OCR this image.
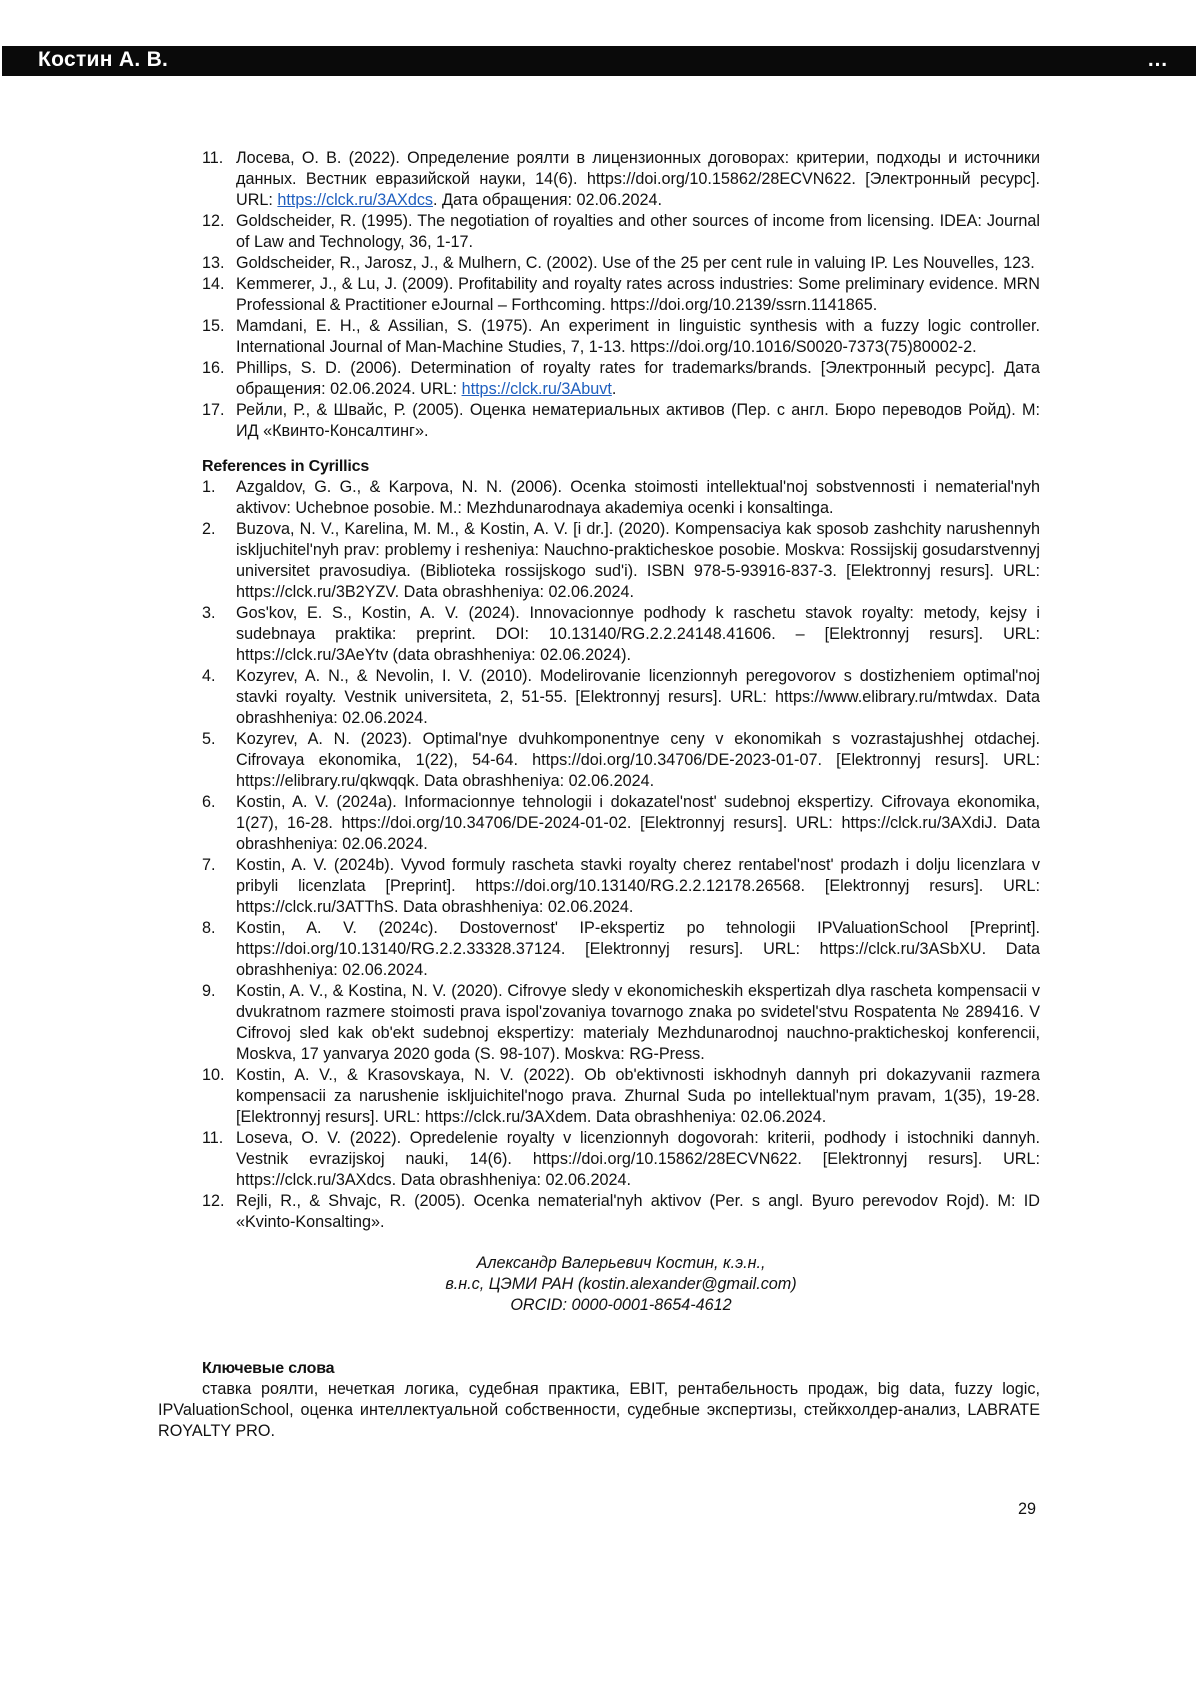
Костин А. В.	…
11. Лосева, О. В. (2022). Определение роялти в лицензионных договорах: критерии, подходы и источники данных. Вестник евразийской науки, 14(6). https://doi.org/10.15862/28ECVN622. [Электронный ресурс]. URL: https://clck.ru/3AXdcs. Дата обращения: 02.06.2024.
12. Goldscheider, R. (1995). The negotiation of royalties and other sources of income from licensing. IDEA: Journal of Law and Technology, 36, 1-17.
13. Goldscheider, R., Jarosz, J., & Mulhern, C. (2002). Use of the 25 per cent rule in valuing IP. Les Nouvelles, 123.
14. Kemmerer, J., & Lu, J. (2009). Profitability and royalty rates across industries: Some preliminary evidence. MRN Professional & Practitioner eJournal – Forthcoming. https://doi.org/10.2139/ssrn.1141865.
15. Mamdani, E. H., & Assilian, S. (1975). An experiment in linguistic synthesis with a fuzzy logic controller. International Journal of Man-Machine Studies, 7, 1-13. https://doi.org/10.1016/S0020-7373(75)80002-2.
16. Phillips, S. D. (2006). Determination of royalty rates for trademarks/brands. [Электронный ресурс]. Дата обращения: 02.06.2024. URL: https://clck.ru/3Abuvt.
17. Рейли, Р., & Швайс, Р. (2005). Оценка нематериальных активов (Пер. с англ. Бюро переводов Ройд). М: ИД «Квинто-Консалтинг».
References in Cyrillics
1. Azgaldov, G. G., & Karpova, N. N. (2006). Ocenka stoimosti intellektual'noj sobstvennosti i nematerial'nyh aktivov: Uchebnoe posobie. M.: Mezhdunarodnaya akademiya ocenki i konsaltinga.
2. Buzova, N. V., Karelina, M. M., & Kostin, A. V. [i dr.]. (2020). Kompensaciya kak sposob zashchity narushennyh iskljuchitel'nyh prav: problemy i resheniya: Nauchno-prakticheskoe posobie. Moskva: Rossijskij gosudarstvennyj universitet pravosudiya. (Biblioteka rossijskogo sud'i). ISBN 978-5-93916-837-3. [Elektronnyj resurs]. URL: https://clck.ru/3B2YZV. Data obrashheniya: 02.06.2024.
3. Gos'kov, E. S., Kostin, A. V. (2024). Innovacionnye podhody k raschetu stavok royalty: metody, kejsy i sudebnaya praktika: preprint. DOI: 10.13140/RG.2.2.24148.41606. – [Elektronnyj resurs]. URL: https://clck.ru/3AeYtv (data obrashheniya: 02.06.2024).
4. Kozyrev, A. N., & Nevolin, I. V. (2010). Modelirovanie licenzionnyh peregovorov s dostizheniem optimal'noj stavki royalty. Vestnik universiteta, 2, 51-55. [Elektronnyj resurs]. URL: https://www.elibrary.ru/mtwdax. Data obrashheniya: 02.06.2024.
5. Kozyrev, A. N. (2023). Optimal'nye dvuhkomponentnye ceny v ekonomikah s vozrastajushhej otdachej. Cifrovaya ekonomika, 1(22), 54-64. https://doi.org/10.34706/DE-2023-01-07. [Elektronnyj resurs]. URL: https://elibrary.ru/qkwqqk. Data obrashheniya: 02.06.2024.
6. Kostin, A. V. (2024a). Informacionnye tehnologii i dokazatel'nost' sudebnoj ekspertizy. Cifrovaya ekonomika, 1(27), 16-28. https://doi.org/10.34706/DE-2024-01-02. [Elektronnyj resurs]. URL: https://clck.ru/3AXdiJ. Data obrashheniya: 02.06.2024.
7. Kostin, A. V. (2024b). Vyvod formuly rascheta stavki royalty cherez rentabel'nost' prodazh i dolju licenzlara v pribyli licenzlata [Preprint]. https://doi.org/10.13140/RG.2.2.12178.26568. [Elektronnyj resurs]. URL: https://clck.ru/3ATThS. Data obrashheniya: 02.06.2024.
8. Kostin, A. V. (2024c). Dostovernost' IP-ekspertiz po tehnologii IPValuationSchool [Preprint]. https://doi.org/10.13140/RG.2.2.33328.37124. [Elektronnyj resurs]. URL: https://clck.ru/3ASbXU. Data obrashheniya: 02.06.2024.
9. Kostin, A. V., & Kostina, N. V. (2020). Cifrovye sledy v ekonomicheskih ekspertizah dlya rascheta kompensacii v dvukratnom razmere stoimosti prava ispol'zovaniya tovarnogo znaka po svidetel'stvu Rospatenta № 289416. V Cifrovoj sled kak ob'ekt sudebnoj ekspertizy: materialy Mezhdunarodnoj nauchno-prakticheskoj konferencii, Moskva, 17 yanvarya 2020 goda (S. 98-107). Moskva: RG-Press.
10. Kostin, A. V., & Krasovskaya, N. V. (2022). Ob ob'ektivnosti iskhodnyh dannyh pri dokazyvanii razmera kompensacii za narushenie iskljuichitel'nogo prava. Zhurnal Suda po intellektual'nym pravam, 1(35), 19-28. [Elektronnyj resurs]. URL: https://clck.ru/3AXdem. Data obrashheniya: 02.06.2024.
11. Loseva, O. V. (2022). Opredelenie royalty v licenzionnyh dogovorah: kriterii, podhody i istochniki dannyh. Vestnik evrazijskoj nauki, 14(6). https://doi.org/10.15862/28ECVN622. [Elektronnyj resurs]. URL: https://clck.ru/3AXdcs. Data obrashheniya: 02.06.2024.
12. Rejli, R., & Shvajc, R. (2005). Ocenka nematerial'nyh aktivov (Per. s angl. Byuro perevodov Rojd). M: ID «Kvinto-Konsalting».
Александр Валерьевич Костин, к.э.н.,
в.н.с, ЦЭМИ РАН (kostin.alexander@gmail.com)
ORCID: 0000-0001-8654-4612
Ключевые слова
ставка роялти, нечеткая логика, судебная практика, EBIT, рентабельность продаж, big data, fuzzy logic, IPValuationSchool, оценка интеллектуальной собственности, судебные экспертизы, стейкхолдер-анализ, LABRATE ROYALTY PRO.
29
